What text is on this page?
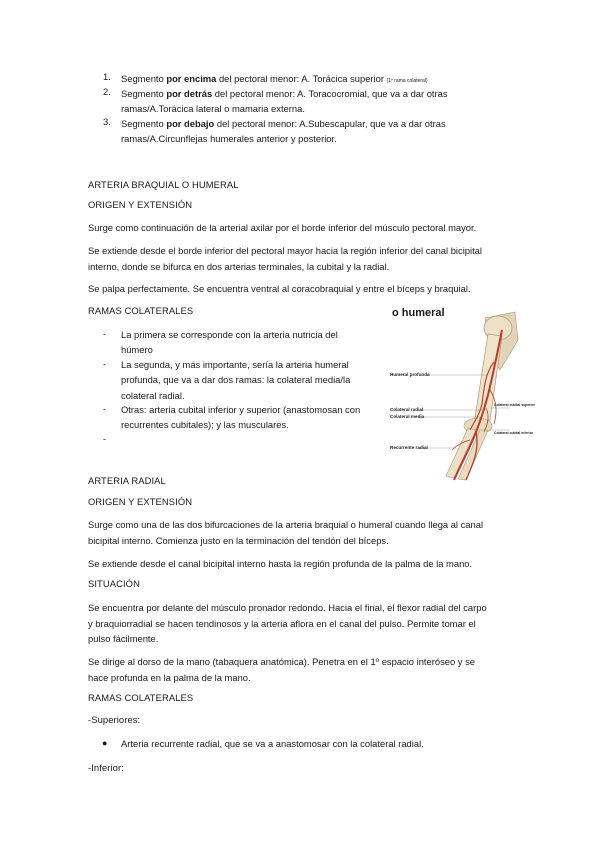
1. Segmento por encima del pectoral menor: A. Torácica superior (1º rama colateral)
2. Segmento por detrás del pectoral menor: A. Toracocromial, que va a dar otras
ramas/A.Torácica lateral o mamaria externa.
3. Segmento por debajo del pectoral menor: A.Subescapular, que va a dar otras
ramas/A.Circunflejas humerales anterior y posterior.
ARTERIA BRAQUIAL O HUMERAL
ORIGEN Y EXTENSIÓN
Surge como continuación de la arterial axilar por el borde inferior del músculo pectoral mayor.
Se extiende desde el borde inferior del pectoral mayor hacia la región inferior del canal bicipital
interno, donde se bifurca en dos arterias terminales, la cubital y la radial.
Se palpa perfectamente. Se encuentra ventral al coracobraquial y entre el bíceps y braquial.
RAMAS COLATERALES
- La primera se corresponde con la arteria nutricia del
húmero
- La segunda, y más importante, sería la arteria humeral
profunda, que va a dar dos ramas: la colateral media/la
colateral radial.
- Otras: arteria cubital inferior y superior (anastomosan con
recurrentes cubitales); y las musculares.
-
o humeral
Humeral profunda
Colateral radial
Colateral media
Colateral cubital superior
Colateral cubital inferior
Recurrente radial
ARTERIA RADIAL
ORIGEN Y EXTENSIÓN
Surge como una de las dos bifurcaciones de la arteria braquial o humeral cuando llega al canal
bicipital interno. Comienza justo en la terminación del tendón del bíceps.
Se extiende desde el canal bicipital interno hasta la región profunda de la palma de la mano.
SITUACIÓN
Se encuentra por delante del músculo pronador redondo. Hacia el final, el flexor radial del carpo
y braquiorradial se hacen tendinosos y la arteria aflora en el canal del pulso. Permite tomar el
pulso fácilmente.
Se dirige al dorso de la mano (tabaquera anatómica). Penetra en el 1º espacio interóseo y se
hace profunda en la palma de la mano.
RAMAS COLATERALES
-Superiores:
● Arteria recurrente radial, que se va a anastomosar con la colateral radial.
-Inferior:
